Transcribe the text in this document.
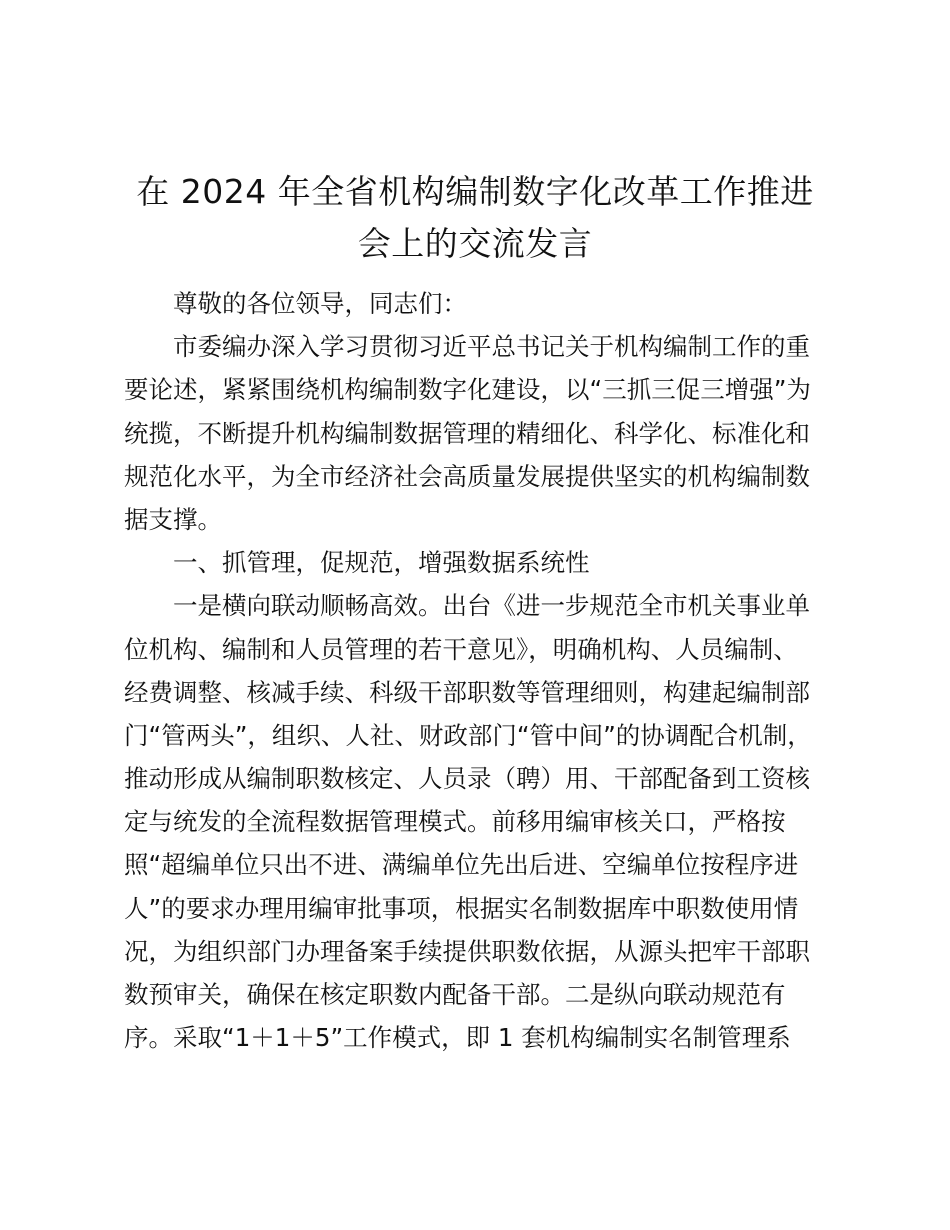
在 2024 年全省机构编制数字化改革工作推进
会上的交流发言
尊敬的各位领导，同志们：
市委编办深入学习贯彻习近平总书记关于机构编制工作的重
要论述，紧紧围绕机构编制数字化建设，以“三抓三促三增强”为
统揽，不断提升机构编制数据管理的精细化、科学化、标准化和
规范化水平，为全市经济社会高质量发展提供坚实的机构编制数
据支撑。
一、抓管理，促规范，增强数据系统性
一是横向联动顺畅高效。出台《进一步规范全市机关事业单
位机构、编制和人员管理的若干意见》，明确机构、人员编制、
经费调整、核减手续、科级干部职数等管理细则，构建起编制部
门“管两头”，组织、人社、财政部门“管中间”的协调配合机制，
推动形成从编制职数核定、人员录（聘）用、干部配备到工资核
定与统发的全流程数据管理模式。前移用编审核关口，严格按
照“超编单位只出不进、满编单位先出后进、空编单位按程序进
人”的要求办理用编审批事项，根据实名制数据库中职数使用情
况，为组织部门办理备案手续提供职数依据，从源头把牢干部职
数预审关，确保在核定职数内配备干部。二是纵向联动规范有
序。采取“1＋1＋5”工作模式，即 1 套机构编制实名制管理系
